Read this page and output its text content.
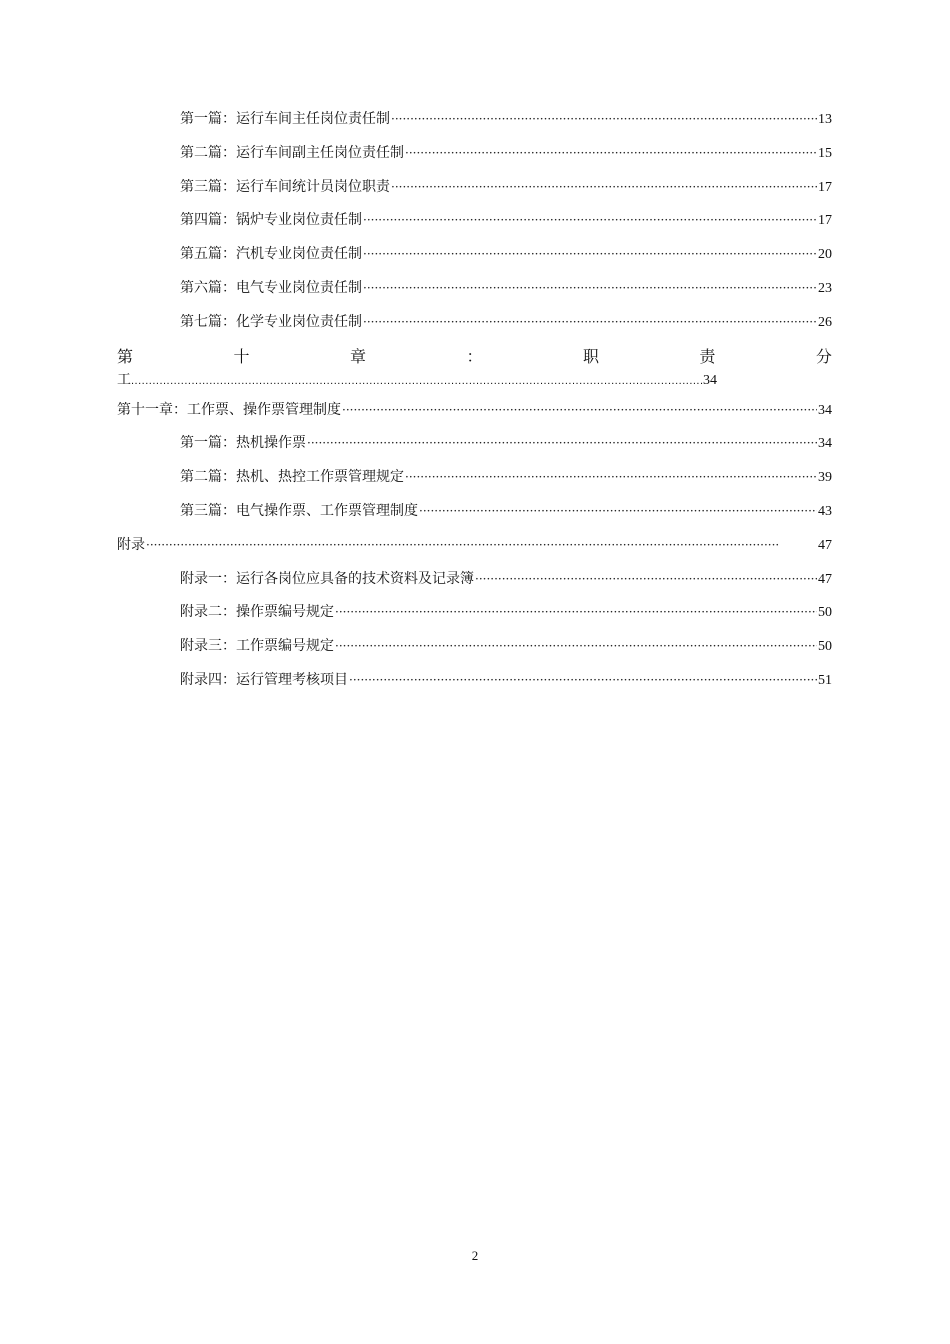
第一篇：运行车间主任岗位责任制 ·····	13
第二篇：运行车间副主任岗位责任制 ·····	15
第三篇：运行车间统计员岗位职责 ·····	17
第四篇：锅炉专业岗位责任制 ·····	17
第五篇：汽机专业岗位责任制 ·····	20
第六篇：电气专业岗位责任制 ·····	23
第七篇：化学专业岗位责任制 ·····	26
第	十	章	：	职	责	分
工 .....	34
第十一章：工作票、操作票管理制度 ·····	34
第一篇：热机操作票 ·····	34
第二篇：热机、热控工作票管理规定 ·····	39
第三篇：电气操作票、工作票管理制度 ·····	43
附录 ·····	47
附录一：运行各岗位应具备的技术资料及记录簿 ·····	47
附录二：操作票编号规定 ·····	50
附录三：工作票编号规定 ·····	50
附录四：运行管理考核项目 ·····	51
2
